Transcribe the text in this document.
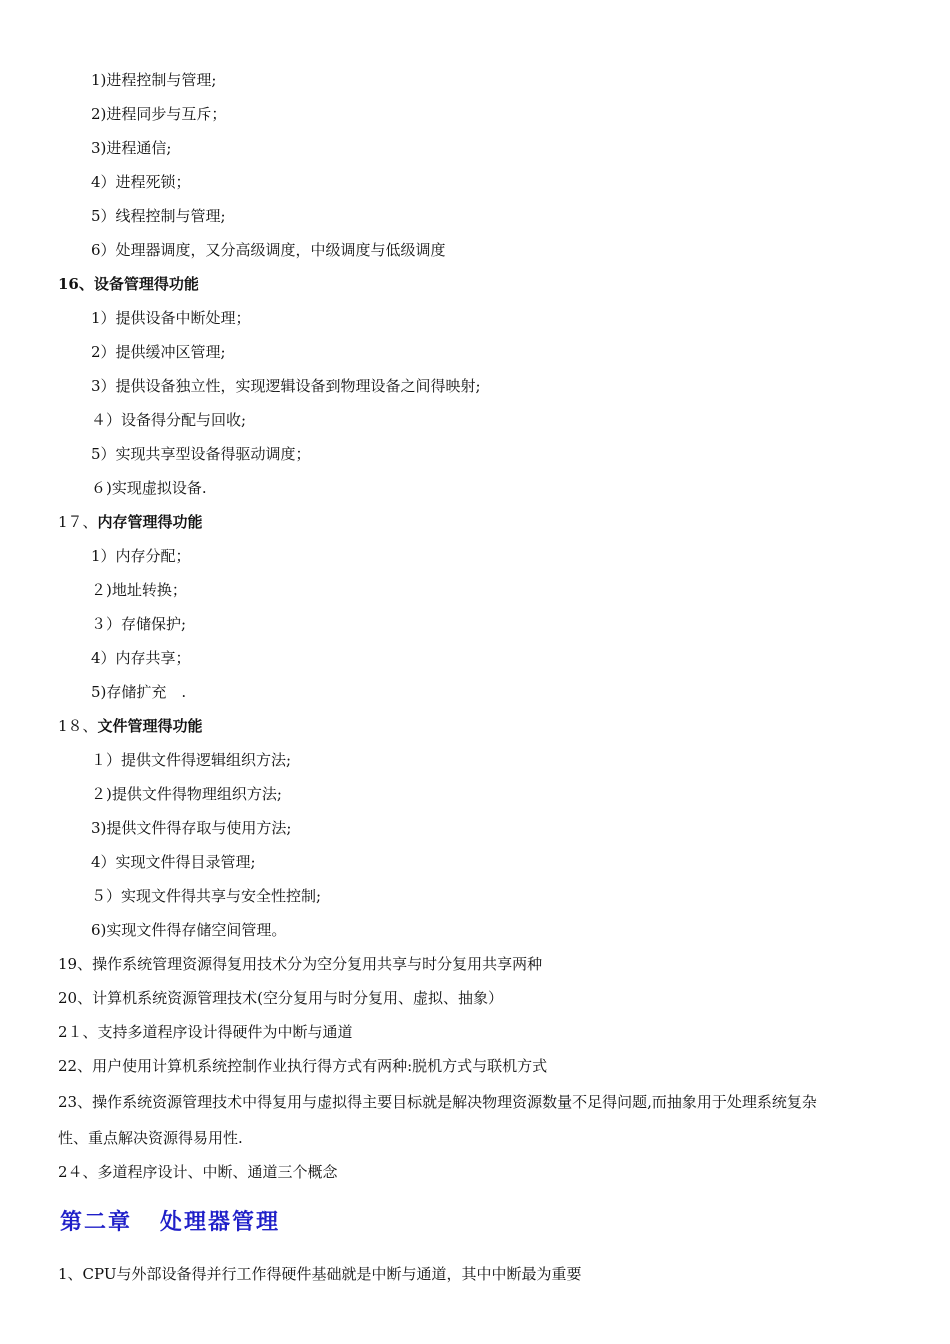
1)进程控制与管理;
2)进程同步与互斥；
3)进程通信;
4）进程死锁；
5）线程控制与管理;
6）处理器调度，又分高级调度，中级调度与低级调度
16、设备管理得功能
1）提供设备中断处理；
2）提供缓冲区管理;
3）提供设备独立性，实现逻辑设备到物理设备之间得映射;
４）设备得分配与回收;
5）实现共享型设备得驱动调度；
６)实现虚拟设备.
1７、内存管理得功能
1）内存分配；
２)地址转换；
３）存储保护;
4）内存共享；
5)存储扩充　.
1８、文件管理得功能
１）提供文件得逻辑组织方法;
２)提供文件得物理组织方法;
3)提供文件得存取与使用方法;
4）实现文件得目录管理;
５）实现文件得共享与安全性控制;
6)实现文件得存储空间管理。
19、操作系统管理资源得复用技术分为空分复用共享与时分复用共享两种
20、计算机系统资源管理技术(空分复用与时分复用、虚拟、抽象）
2１、支持多道程序设计得硬件为中断与通道
22、用户使用计算机系统控制作业执行得方式有两种:脱机方式与联机方式
23、操作系统资源管理技术中得复用与虚拟得主要目标就是解决物理资源数量不足得问题,而抽象用于处理系统复杂
性、重点解决资源得易用性.
2４、多道程序设计、中断、通道三个概念
第二章 处理器管理
1、CPU与外部设备得并行工作得硬件基础就是中断与通道，其中中断最为重要
